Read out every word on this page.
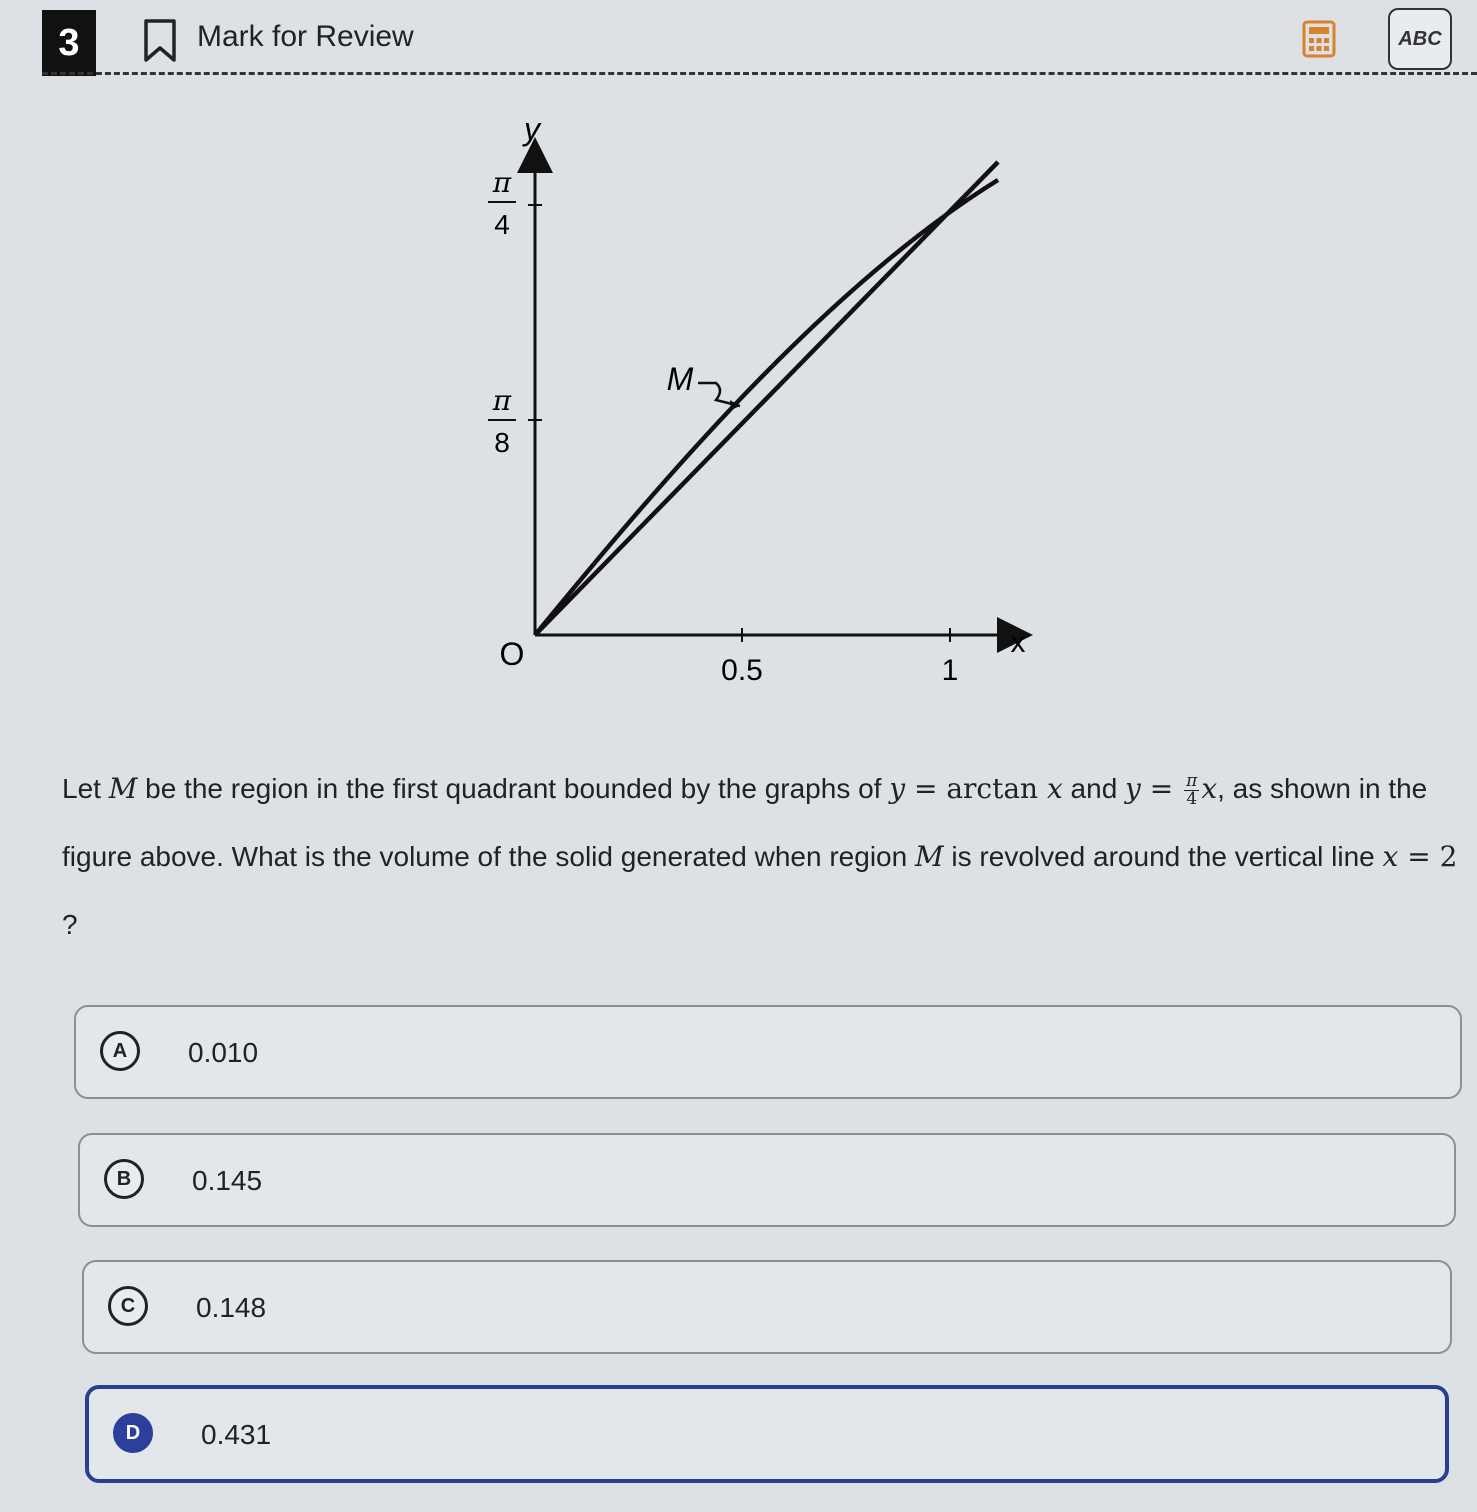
3	Mark for Review	ABC
y
x
O
π
4
π
8
0.5	1
M
Let M be the region in the first quadrant bounded by the graphs of y = arctan x and $y = \frac{\pi}{4} x$, as shown in the figure above. What is the volume of the solid generated when region M is revolved around the vertical line x = 2 ?
A	0.010
B	0.145
C	0.148
D	0.431
